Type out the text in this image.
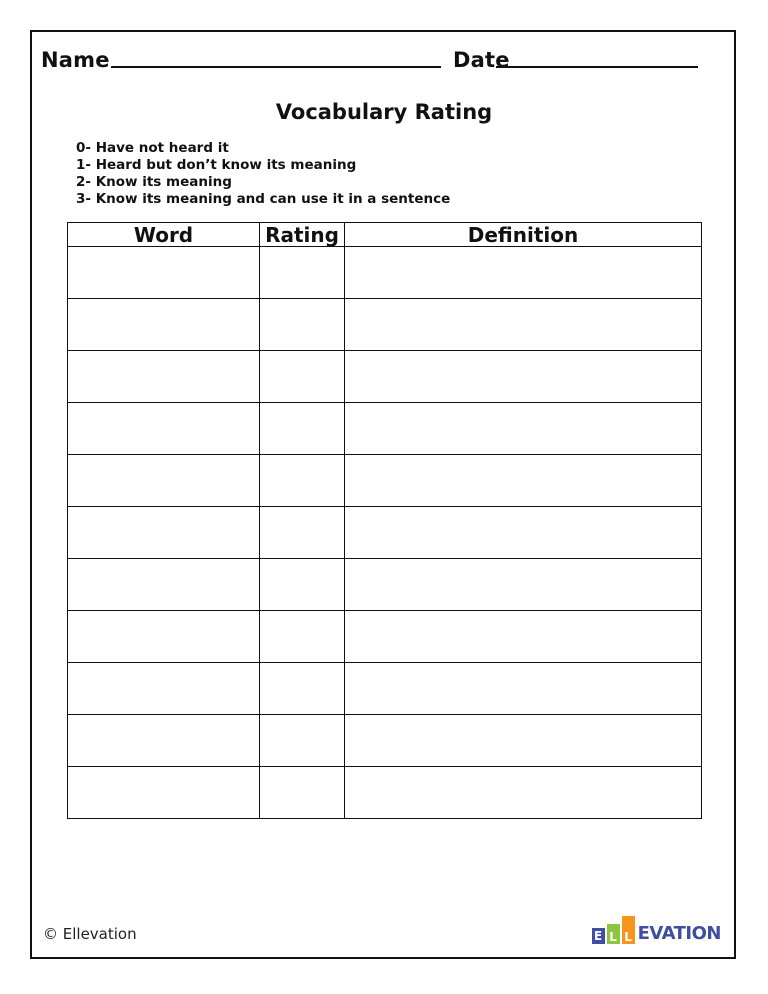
Name	Date
Vocabulary Rating
0- Have not heard it
1- Heard but don’t know its meaning
2- Know its meaning
3- Know its meaning and can use it in a sentence
Word	Rating	Definition

© Ellevation	E L L EVATION
